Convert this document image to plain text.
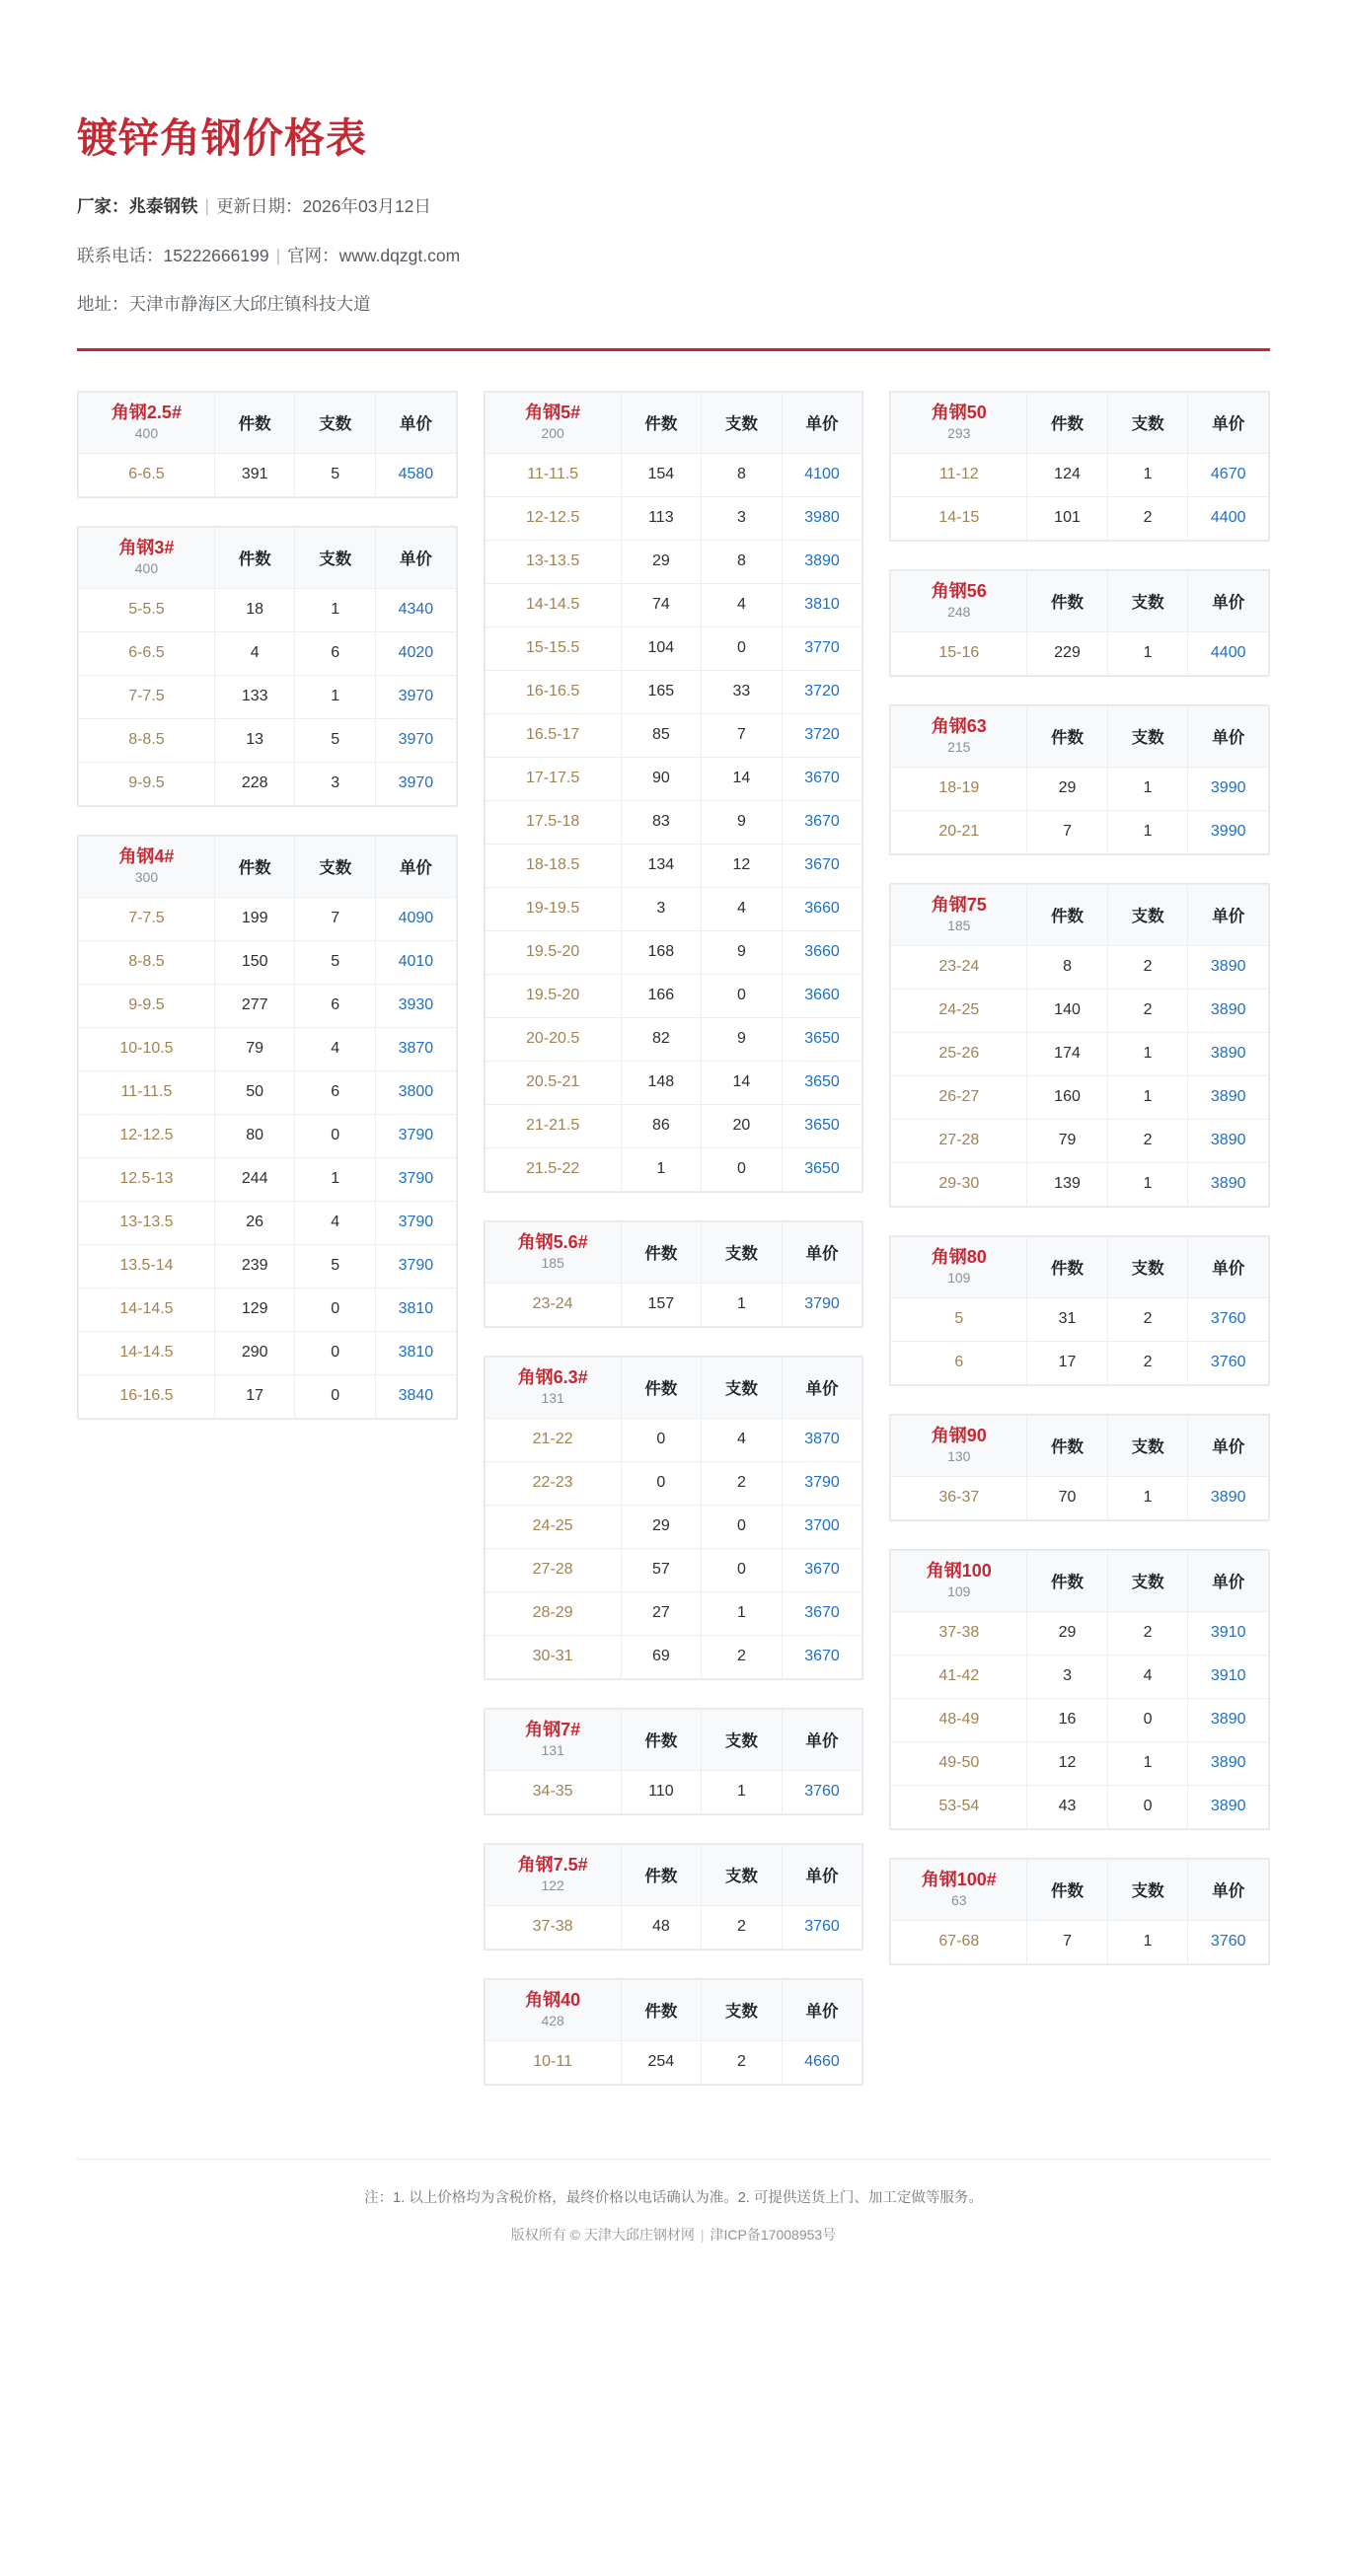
镀锌角钢价格表
厂家：兆泰钢铁 | 更新日期：2026年03月12日
联系电话：15222666199 | 官网：www.dqzgt.com
地址：天津市静海区大邱庄镇科技大道
角钢2.5#
400	件数	支数	单价
6-6.5	391	5	4580
角钢3#
400	件数	支数	单价
5-5.5	18	1	4340
6-6.5	4	6	4020
7-7.5	133	1	3970
8-8.5	13	5	3970
9-9.5	228	3	3970
角钢4#
300	件数	支数	单价
7-7.5	199	7	4090
8-8.5	150	5	4010
9-9.5	277	6	3930
10-10.5	79	4	3870
11-11.5	50	6	3800
12-12.5	80	0	3790
12.5-13	244	1	3790
13-13.5	26	4	3790
13.5-14	239	5	3790
14-14.5	129	0	3810
14-14.5	290	0	3810
16-16.5	17	0	3840
角钢5#
200	件数	支数	单价
11-11.5	154	8	4100
12-12.5	113	3	3980
13-13.5	29	8	3890
14-14.5	74	4	3810
15-15.5	104	0	3770
16-16.5	165	33	3720
16.5-17	85	7	3720
17-17.5	90	14	3670
17.5-18	83	9	3670
18-18.5	134	12	3670
19-19.5	3	4	3660
19.5-20	168	9	3660
19.5-20	166	0	3660
20-20.5	82	9	3650
20.5-21	148	14	3650
21-21.5	86	20	3650
21.5-22	1	0	3650
角钢5.6#
185	件数	支数	单价
23-24	157	1	3790
角钢6.3#
131	件数	支数	单价
21-22	0	4	3870
22-23	0	2	3790
24-25	29	0	3700
27-28	57	0	3670
28-29	27	1	3670
30-31	69	2	3670
角钢7#
131	件数	支数	单价
34-35	110	1	3760
角钢7.5#
122	件数	支数	单价
37-38	48	2	3760
角钢40
428	件数	支数	单价
10-11	254	2	4660
角钢50
293	件数	支数	单价
11-12	124	1	4670
14-15	101	2	4400
角钢56
248	件数	支数	单价
15-16	229	1	4400
角钢63
215	件数	支数	单价
18-19	29	1	3990
20-21	7	1	3990
角钢75
185	件数	支数	单价
23-24	8	2	3890
24-25	140	2	3890
25-26	174	1	3890
26-27	160	1	3890
27-28	79	2	3890
29-30	139	1	3890
角钢80
109	件数	支数	单价
5	31	2	3760
6	17	2	3760
角钢90
130	件数	支数	单价
36-37	70	1	3890
角钢100
109	件数	支数	单价
37-38	29	2	3910
41-42	3	4	3910
48-49	16	0	3890
49-50	12	1	3890
53-54	43	0	3890
角钢100#
63	件数	支数	单价
67-68	7	1	3760
注：1. 以上价格均为含税价格，最终价格以电话确认为准。2. 可提供送货上门、加工定做等服务。
版权所有 © 天津大邱庄钢材网 | 津ICP备17008953号
